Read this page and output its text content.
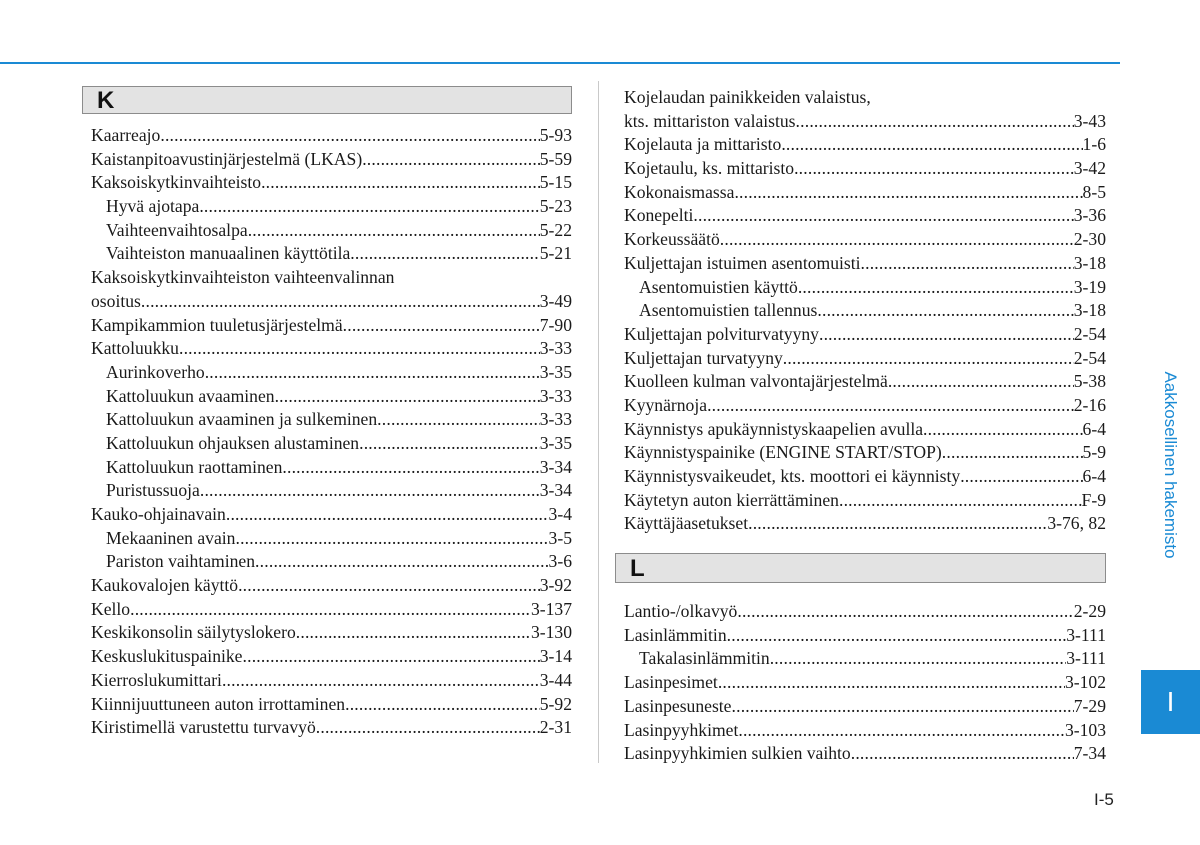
K
Kaarreajo .....	5-93
Kaistanpitoavustinjärjestelmä (LKAS) .....	5-59
Kaksoiskytkinvaihteisto .....	5-15
Hyvä ajotapa .....	5-23
Vaihteenvaihtosalpa .....	5-22
Vaihteiston manuaalinen käyttötila .....	5-21
Kaksoiskytkinvaihteiston vaihteenvalinnan
osoitus .....	3-49
Kampikammion tuuletusjärjestelmä .....	7-90
Kattoluukku .....	3-33
Aurinkoverho .....	3-35
Kattoluukun avaaminen .....	3-33
Kattoluukun avaaminen ja sulkeminen .....	3-33
Kattoluukun ohjauksen alustaminen .....	3-35
Kattoluukun raottaminen .....	3-34
Puristussuoja .....	3-34
Kauko-ohjainavain .....	3-4
Mekaaninen avain .....	3-5
Pariston vaihtaminen .....	3-6
Kaukovalojen käyttö .....	3-92
Kello .....	3-137
Keskikonsolin säilytyslokero .....	3-130
Keskuslukituspainike .....	3-14
Kierroslukumittari .....	3-44
Kiinnijuuttuneen auton irrottaminen .....	5-92
Kiristimellä varustettu turvavyö .....	2-31
Kojelaudan painikkeiden valaistus,
kts. mittariston valaistus .....	3-43
Kojelauta ja mittaristo .....	1-6
Kojetaulu, ks. mittaristo .....	3-42
Kokonaismassa .....	8-5
Konepelti .....	3-36
Korkeussäätö .....	2-30
Kuljettajan istuimen asentomuisti .....	3-18
Asentomuistien käyttö .....	3-19
Asentomuistien tallennus .....	3-18
Kuljettajan polviturvatyyny .....	2-54
Kuljettajan turvatyyny .....	2-54
Kuolleen kulman valvontajärjestelmä .....	5-38
Kyynärnoja .....	2-16
Käynnistys apukäynnistyskaapelien avulla .....	6-4
Käynnistyspainike (ENGINE START/STOP) .....	5-9
Käynnistysvaikeudet, kts. moottori ei käynnisty .....	6-4
Käytetyn auton kierrättäminen .....	F-9
Käyttäjäasetukset .....	3-76, 82
L
Lantio-/olkavyö .....	2-29
Lasinlämmitin .....	3-111
Takalasinlämmitin .....	3-111
Lasinpesimet .....	3-102
Lasinpesuneste .....	7-29
Lasinpyyhkimet .....	3-103
Lasinpyyhkimien sulkien vaihto .....	7-34
Aakkosellinen hakemisto
I
I-5
